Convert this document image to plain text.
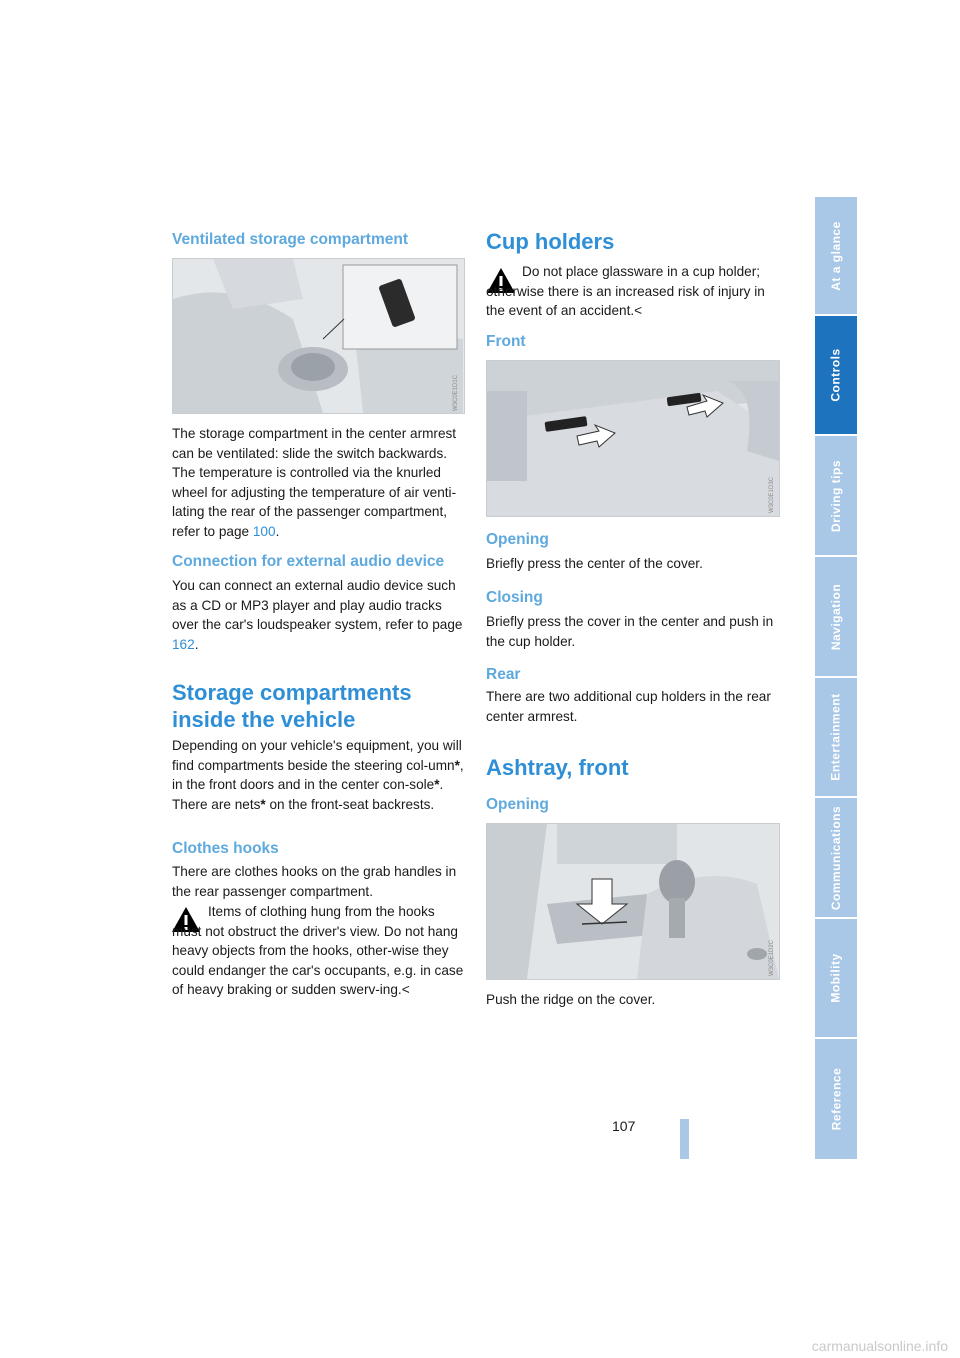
Ventilated storage compartment
W3C0E1D1C

The storage compartment in the center armrest can be ventilated: slide the switch backwards.

The temperature is controlled via the knurled wheel for adjusting the temperature of air venti-lating the rear of the passenger compartment, refer to page 100.

Connection for external audio device

You can connect an external audio device such as a CD or MP3 player and play audio tracks over the car's loudspeaker system, refer to page 162.

Storage compartments inside the vehicle

Depending on your vehicle's equipment, you will find compartments beside the steering col-umn*, in the front doors and in the center con-sole*.
There are nets* on the front-seat backrests.

Clothes hooks

There are clothes hooks on the grab handles in the rear passenger compartment.

Items of clothing hung from the hooks must not obstruct the driver's view. Do not hang heavy objects from the hooks, other-wise they could endanger the car's occupants, e.g. in case of heavy braking or sudden swerv-ing.<

Cup holders

Do not place glassware in a cup holder; otherwise there is an increased risk of injury in the event of an accident.<

Front
W3C0E1D3C
Opening

Briefly press the center of the cover.

Closing

Briefly press the cover in the center and push in the cup holder.

Rear

There are two additional cup holders in the rear center armrest.

Ashtray, front
Opening
W3C0E1D2C

Push the ridge on the cover.

At a glance
Controls
Driving tips
Navigation
Entertainment
Communications
Mobility
Reference
107
carmanualsonline.info
